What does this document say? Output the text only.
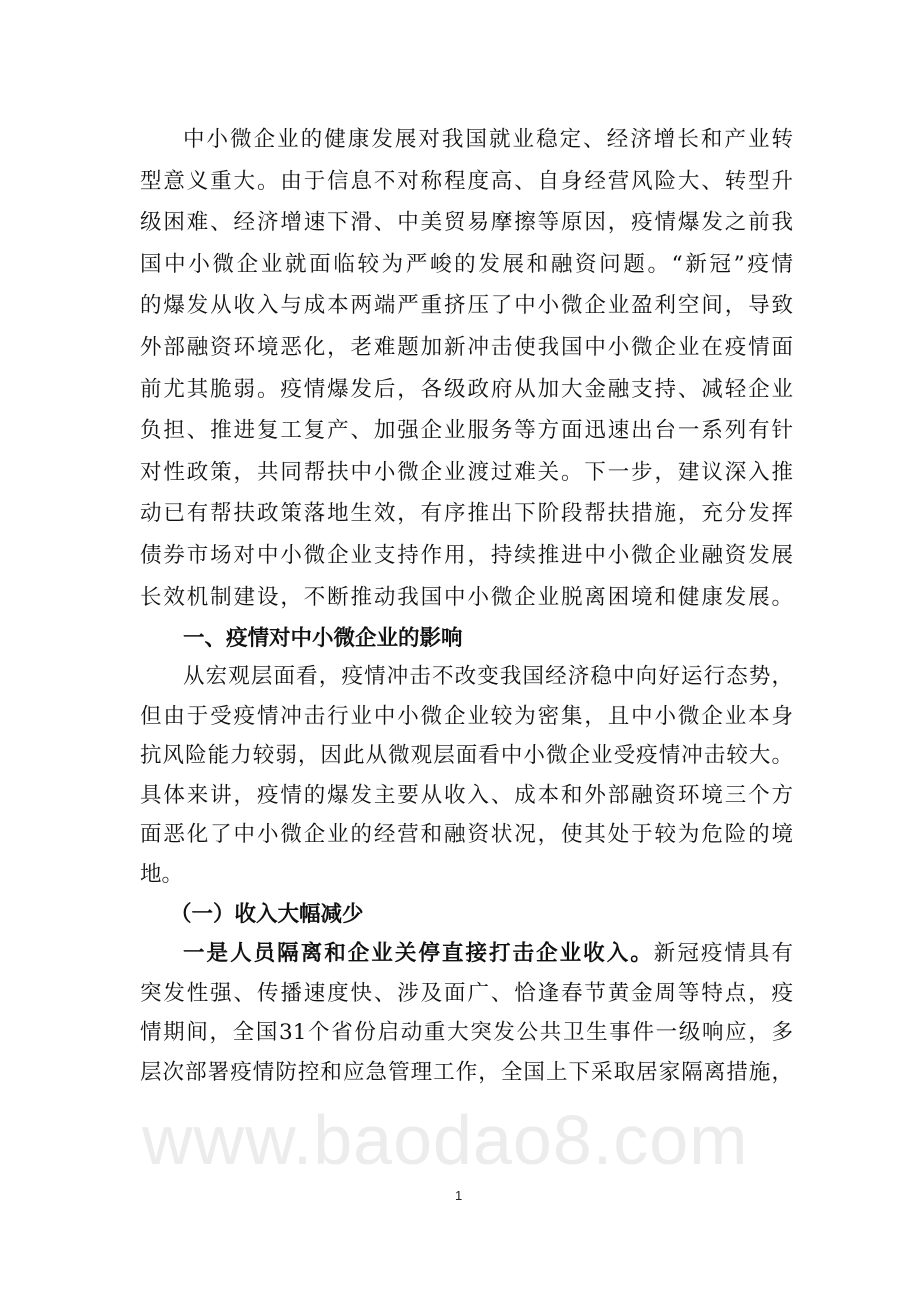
www.baodao8.com
中小微企业的健康发展对我国就业稳定、经济增长和产业转
型意义重大。由于信息不对称程度高、自身经营风险大、转型升
级困难、经济增速下滑、中美贸易摩擦等原因，疫情爆发之前我
国中小微企业就面临较为严峻的发展和融资问题。“新冠”疫情
的爆发从收入与成本两端严重挤压了中小微企业盈利空间，导致
外部融资环境恶化，老难题加新冲击使我国中小微企业在疫情面
前尤其脆弱。疫情爆发后，各级政府从加大金融支持、减轻企业
负担、推进复工复产、加强企业服务等方面迅速出台一系列有针
对性政策，共同帮扶中小微企业渡过难关。下一步，建议深入推
动已有帮扶政策落地生效，有序推出下阶段帮扶措施，充分发挥
债券市场对中小微企业支持作用，持续推进中小微企业融资发展
长效机制建设，不断推动我国中小微企业脱离困境和健康发展。
一、疫情对中小微企业的影响
从宏观层面看，疫情冲击不改变我国经济稳中向好运行态势，
但由于受疫情冲击行业中小微企业较为密集，且中小微企业本身
抗风险能力较弱，因此从微观层面看中小微企业受疫情冲击较大。
具体来讲，疫情的爆发主要从收入、成本和外部融资环境三个方
面恶化了中小微企业的经营和融资状况，使其处于较为危险的境
地。
（一）收入大幅减少
一是人员隔离和企业关停直接打击企业收入。新冠疫情具有
突发性强、传播速度快、涉及面广、恰逢春节黄金周等特点，疫
情期间，全国31个省份启动重大突发公共卫生事件一级响应，多
层次部署疫情防控和应急管理工作，全国上下采取居家隔离措施，
1
